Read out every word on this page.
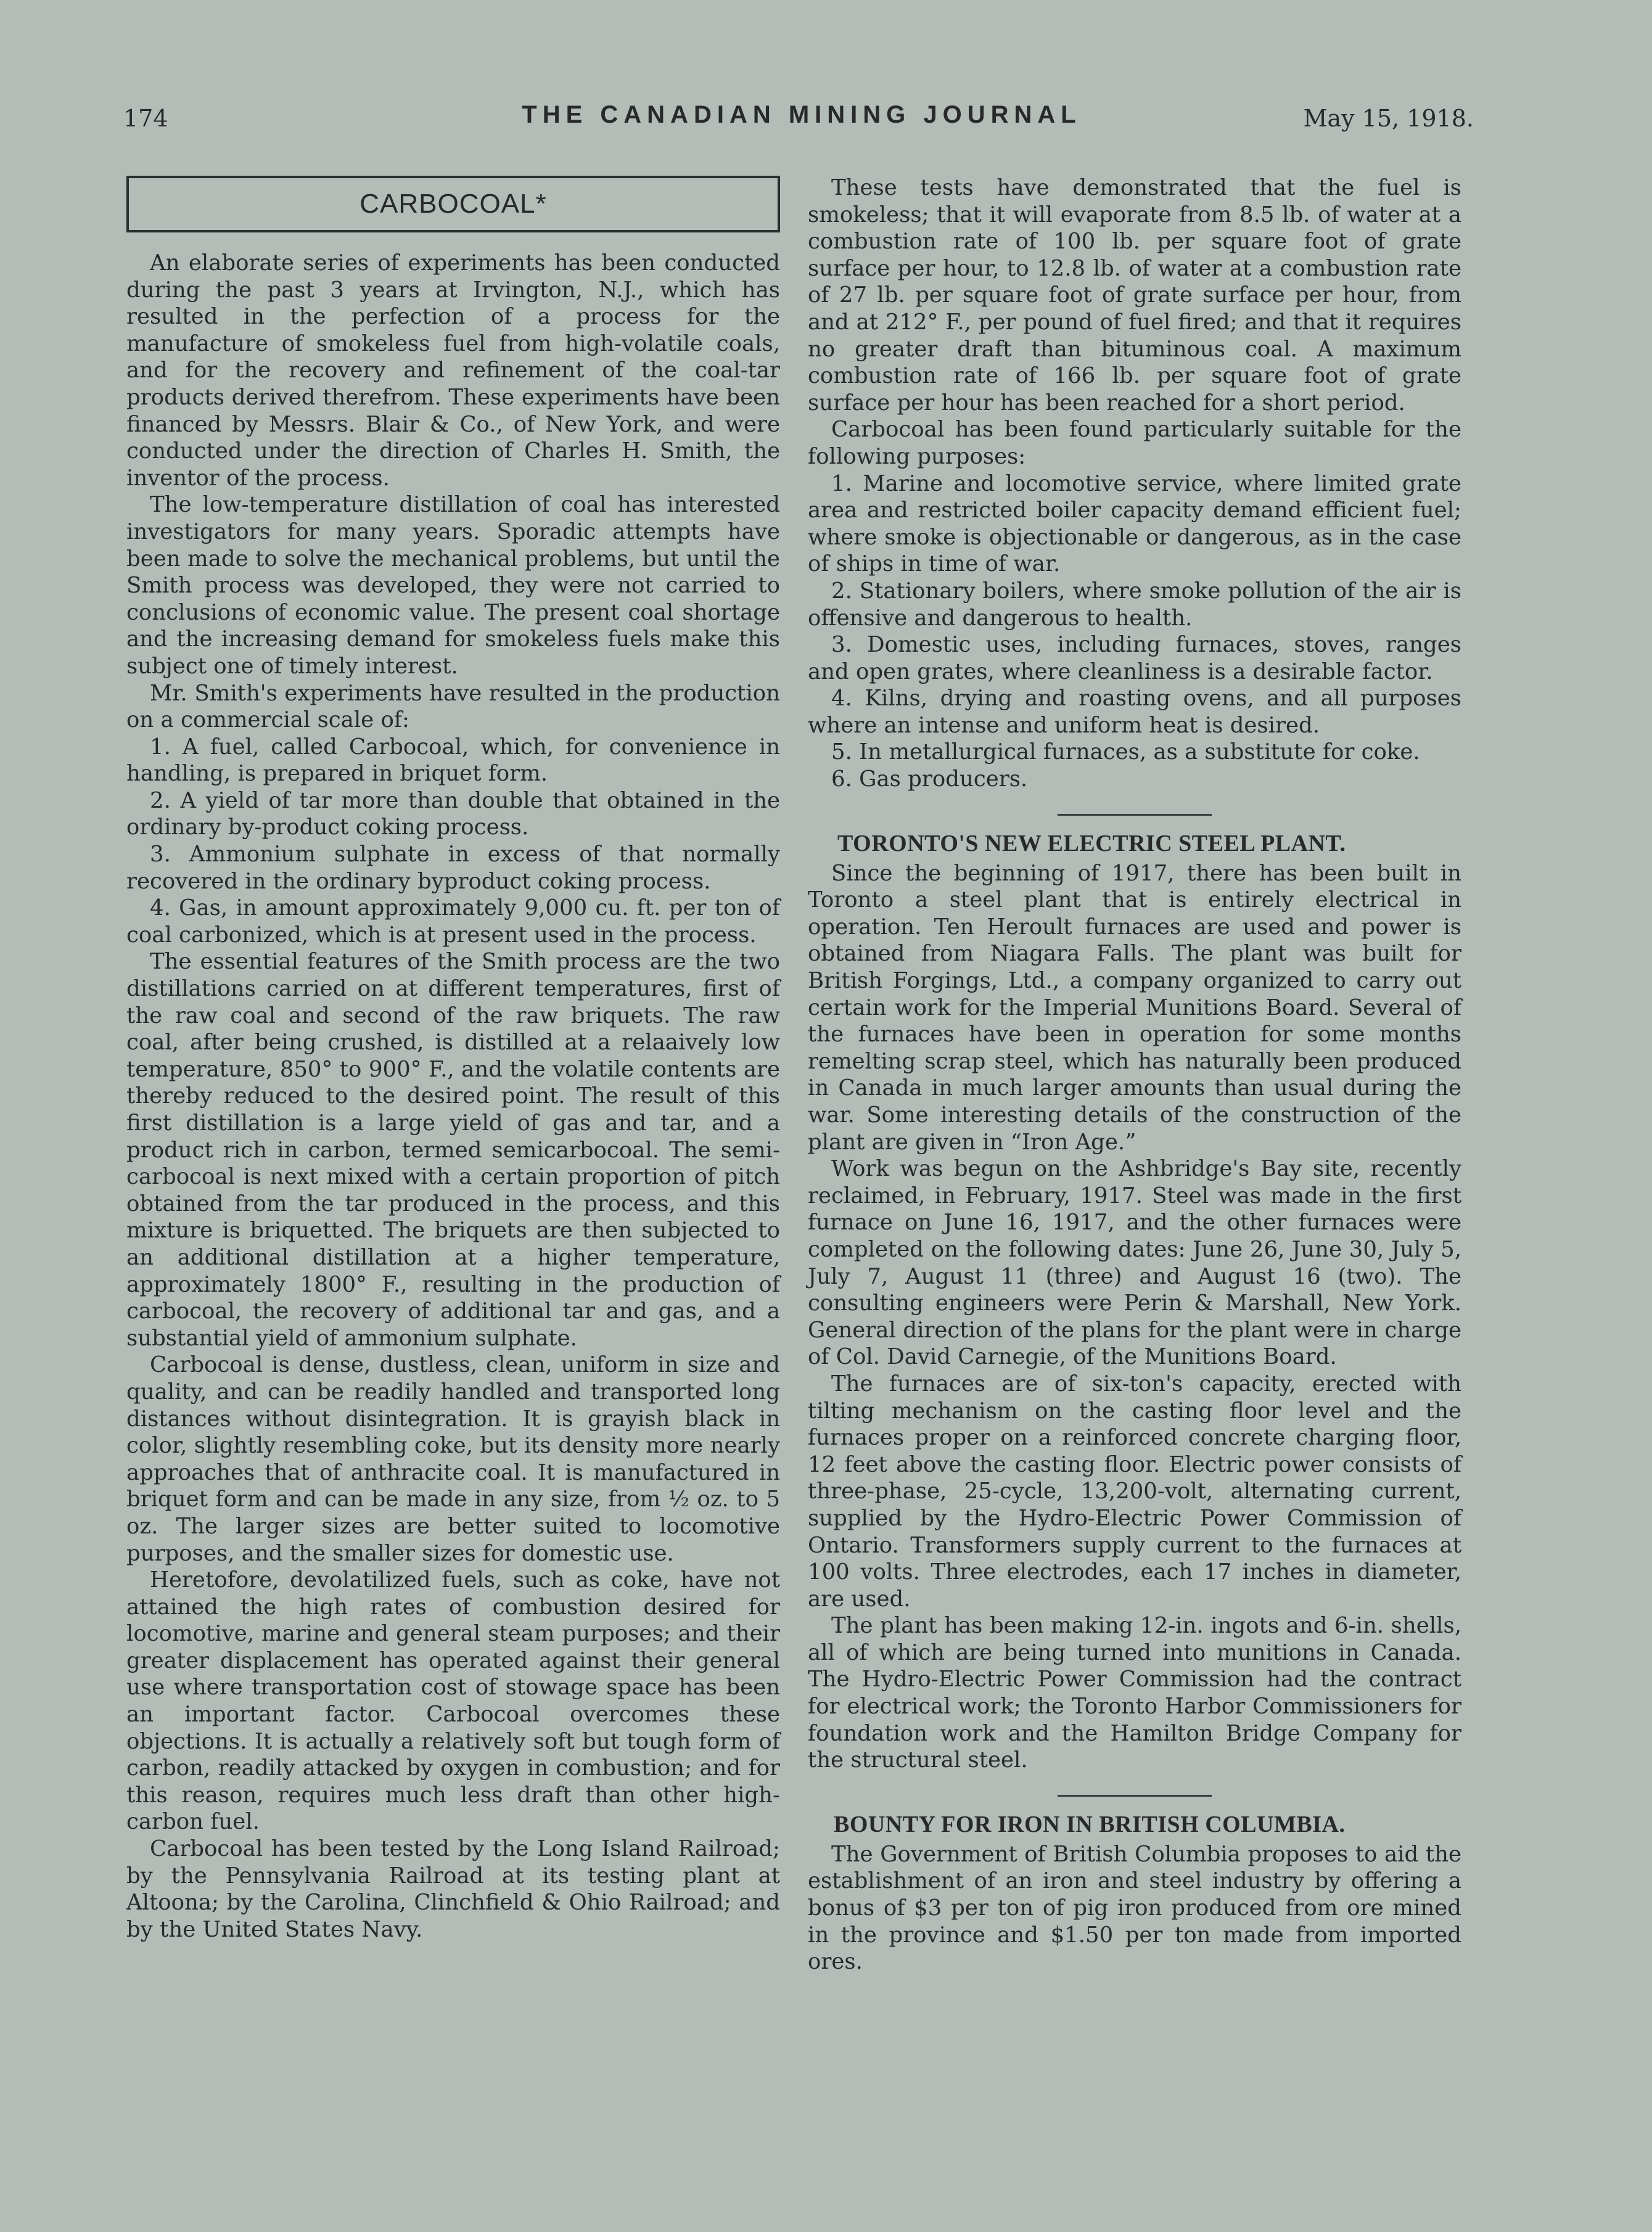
174	THE CANADIAN MINING JOURNAL	May 15, 1918.
CARBOCOAL*

An elaborate series of experiments has been conducted during the past 3 years at Irvington, N.J., which has resulted in the perfection of a process for the manufacture of smokeless fuel from high-volatile coals, and for the recovery and refinement of the coal-tar products derived therefrom. These experiments have been financed by Messrs. Blair & Co., of New York, and were conducted under the direction of Charles H. Smith, the inventor of the process.

The low-temperature distillation of coal has interested investigators for many years. Sporadic attempts have been made to solve the mechanical problems, but until the Smith process was developed, they were not carried to conclusions of economic value. The present coal shortage and the increasing demand for smokeless fuels make this subject one of timely interest.

Mr. Smith's experiments have resulted in the production on a commercial scale of:

1. A fuel, called Carbocoal, which, for convenience in handling, is prepared in briquet form.

2. A yield of tar more than double that obtained in the ordinary by-product coking process.

3. Ammonium sulphate in excess of that normally recovered in the ordinary byproduct coking process.

4. Gas, in amount approximately 9,000 cu. ft. per ton of coal carbonized, which is at present used in the process.

The essential features of the Smith process are the two distillations carried on at different temperatures, first of the raw coal and second of the raw briquets. The raw coal, after being crushed, is distilled at a relaaively low temperature, 850° to 900° F., and the volatile contents are thereby reduced to the desired point. The result of this first distillation is a large yield of gas and tar, and a product rich in carbon, termed semicarbocoal. The semi-carbocoal is next mixed with a certain proportion of pitch obtained from the tar produced in the process, and this mixture is briquetted. The briquets are then subjected to an additional distillation at a higher temperature, approximately 1800° F., resulting in the production of carbocoal, the recovery of additional tar and gas, and a substantial yield of ammonium sulphate.

Carbocoal is dense, dustless, clean, uniform in size and quality, and can be readily handled and transported long distances without disintegration. It is grayish black in color, slightly resembling coke, but its density more nearly approaches that of anthracite coal. It is manufactured in briquet form and can be made in any size, from ½ oz. to 5 oz. The larger sizes are better suited to locomotive purposes, and the smaller sizes for domestic use.

Heretofore, devolatilized fuels, such as coke, have not attained the high rates of combustion desired for locomotive, marine and general steam purposes; and their greater displacement has operated against their general use where transportation cost of stowage space has been an important factor. Carbocoal overcomes these objections. It is actually a relatively soft but tough form of carbon, readily attacked by oxygen in combustion; and for this reason, requires much less draft than other high-carbon fuel.

Carbocoal has been tested by the Long Island Railroad; by the Pennsylvania Railroad at its testing plant at Altoona; by the Carolina, Clinchfield & Ohio Railroad; and by the United States Navy.

These tests have demonstrated that the fuel is smokeless; that it will evaporate from 8.5 lb. of water at a combustion rate of 100 lb. per square foot of grate surface per hour, to 12.8 lb. of water at a combustion rate of 27 lb. per square foot of grate surface per hour, from and at 212° F., per pound of fuel fired; and that it requires no greater draft than bituminous coal. A maximum combustion rate of 166 lb. per square foot of grate surface per hour has been reached for a short period.

Carbocoal has been found particularly suitable for the following purposes:

1. Marine and locomotive service, where limited grate area and restricted boiler capacity demand efficient fuel; where smoke is objectionable or dangerous, as in the case of ships in time of war.

2. Stationary boilers, where smoke pollution of the air is offensive and dangerous to health.

3. Domestic uses, including furnaces, stoves, ranges and open grates, where cleanliness is a desirable factor.

4. Kilns, drying and roasting ovens, and all purposes where an intense and uniform heat is desired.

5. In metallurgical furnaces, as a substitute for coke.

6. Gas producers.

TORONTO'S NEW ELECTRIC STEEL PLANT.

Since the beginning of 1917, there has been built in Toronto a steel plant that is entirely electrical in operation. Ten Heroult furnaces are used and power is obtained from Niagara Falls. The plant was built for British Forgings, Ltd., a company organized to carry out certain work for the Imperial Munitions Board. Several of the furnaces have been in operation for some months remelting scrap steel, which has naturally been produced in Canada in much larger amounts than usual during the war. Some interesting details of the construction of the plant are given in “Iron Age.”

Work was begun on the Ashbridge's Bay site, recently reclaimed, in February, 1917. Steel was made in the first furnace on June 16, 1917, and the other furnaces were completed on the following dates: June 26, June 30, July 5, July 7, August 11 (three) and August 16 (two). The consulting engineers were Perin & Marshall, New York. General direction of the plans for the plant were in charge of Col. David Carnegie, of the Munitions Board.

The furnaces are of six-ton's capacity, erected with tilting mechanism on the casting floor level and the furnaces proper on a reinforced concrete charging floor, 12 feet above the casting floor. Electric power consists of three-phase, 25-cycle, 13,200-volt, alternating current, supplied by the Hydro-Electric Power Commission of Ontario. Transformers supply current to the furnaces at 100 volts. Three electrodes, each 17 inches in diameter, are used.

The plant has been making 12-in. ingots and 6-in. shells, all of which are being turned into munitions in Canada. The Hydro-Electric Power Commission had the contract for electrical work; the Toronto Harbor Commissioners for foundation work and the Hamilton Bridge Company for the structural steel.

BOUNTY FOR IRON IN BRITISH COLUMBIA.

The Government of British Columbia proposes to aid the establishment of an iron and steel industry by offering a bonus of $3 per ton of pig iron produced from ore mined in the province and $1.50 per ton made from imported ores.
